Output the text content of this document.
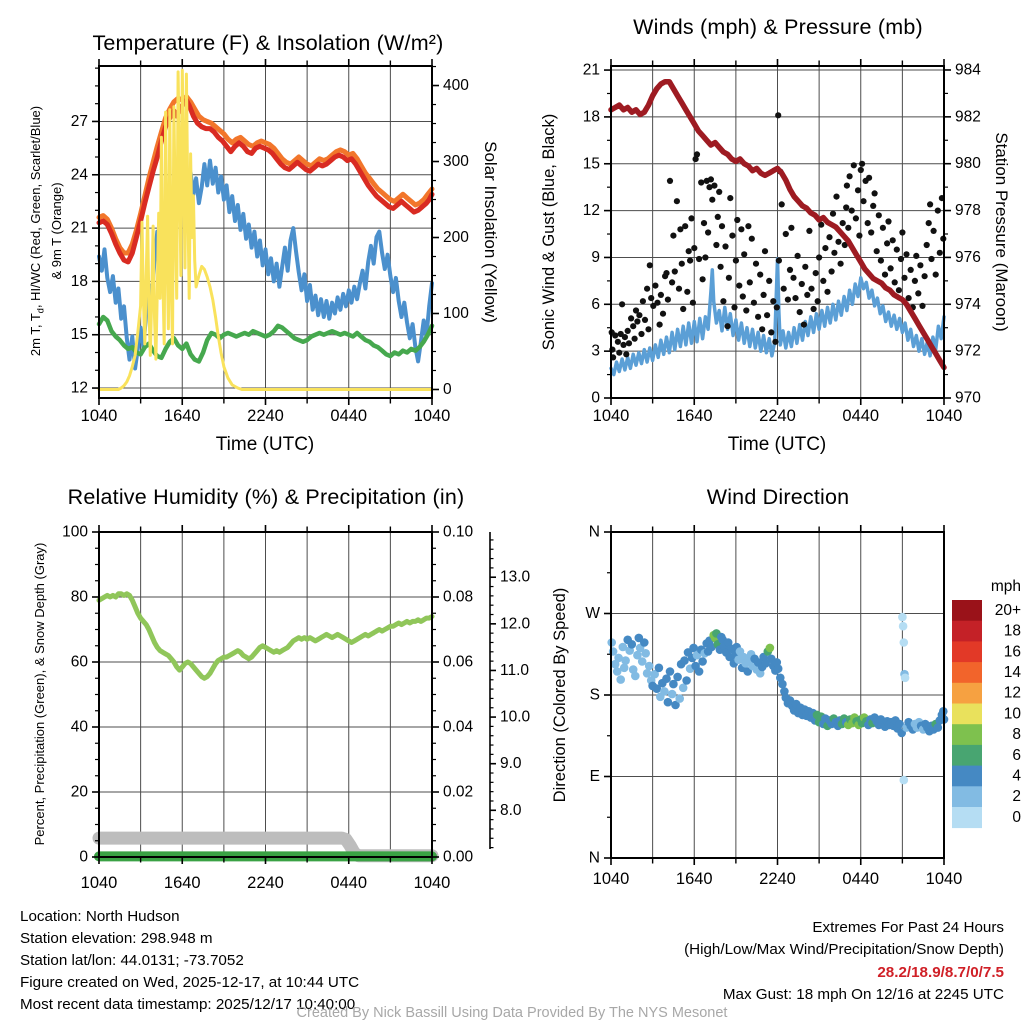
1040	1640	2240	0440	1040
12
15
18
21
24
27
0
100
200
300
400
1040	1640	2240	0440	1040
0
3
6
9
12
15
18
21
970
972
974
976
978
980
982
984
1040	1640	2240	0440	1040
0
20
40
60
80
100
0.00
0.02
0.04
0.06
0.08
0.10
8.0
9.0
10.0
11.0
12.0
13.0
1040	1640	2240	0440	1040
N
E
S
W
N
mph
20+
18
16
14
12
10
8
6
4
2
0
Temperature (F) & Insolation (W/m²)
Winds (mph) & Pressure (mb)
Relative Humidity (%) & Precipitation (in)	Wind Direction
Time (UTC)	Time (UTC)
2m T, $T_d$, HI/WC (Red, Green, Scarlet/Blue) & 9m T (Orange)	Solar Insolation (Yellow) Sonic Wind & Gust (Blue, Black)	Station Pressure (Maroon)
Percent, Precipitation (Green), & Snow Depth (Gray)	Direction (Colored By Speed)
Location: North Hudson
Station elevation: 298.948 m
Station lat/lon: 44.0131; -73.7052
Figure created on Wed, 2025-12-17, at 10:44 UTC
Most recent data timestamp: 2025/12/17 10:40:00
Extremes For Past 24 Hours
(High/Low/Max Wind/Precipitation/Snow Depth)
28.2/18.9/8.7/0/7.5
Max Gust: 18 mph On 12/16 at 2245 UTC
Created By Nick Bassill Using Data Provided By The NYS Mesonet
